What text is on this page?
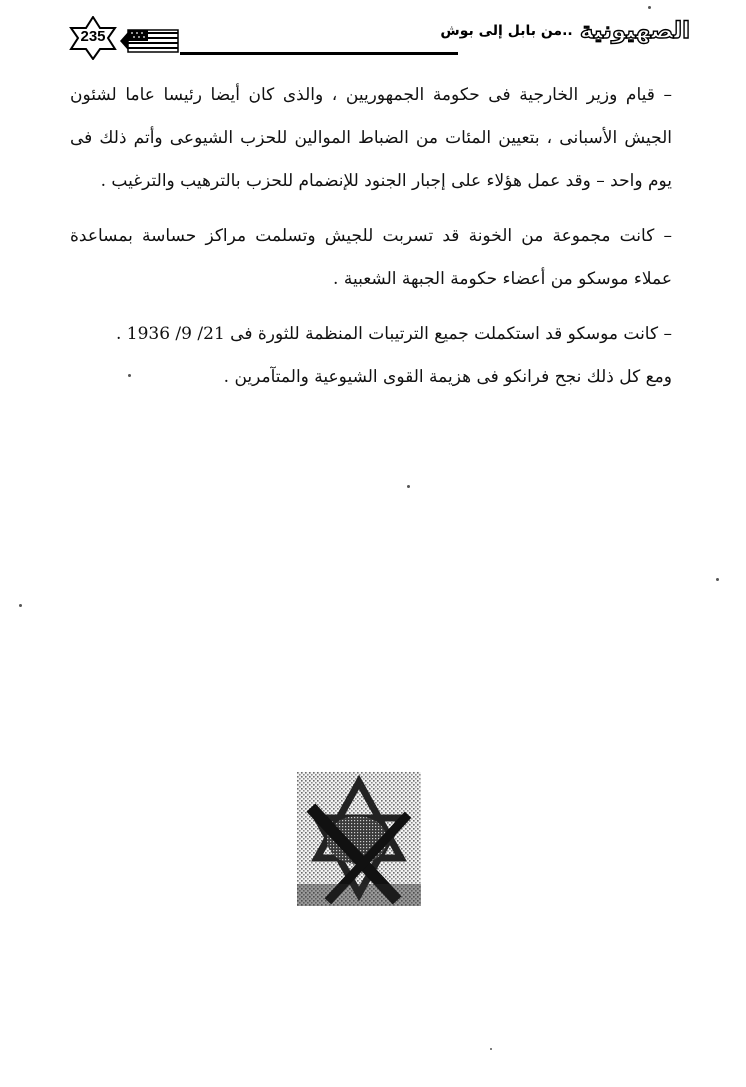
235	الصهيونية ..من بابل إلى بوش

– قيام وزير الخارجية فى حكومة الجمهوريين ، والذى كان أيضا رئيسا عاما لشئون الجيش الأسبانى ، بتعيين المئات من الضباط الموالين للحزب الشيوعى وأتم ذلك فى يوم واحد – وقد عمل هؤلاء على إجبار الجنود للإنضمام للحزب بالترهيب والترغيب .

– كانت مجموعة من الخونة قد تسربت للجيش وتسلمت مراكز حساسة بمساعدة عملاء موسكو من أعضاء حكومة الجبهة الشعبية .

– كانت موسكو قد استكملت جميع الترتيبات المنظمة للثورة فى 21/ 9/ 1936 .

ومع كل ذلك نجح فرانكو فى هزيمة القوى الشيوعية والمتآمرين .
